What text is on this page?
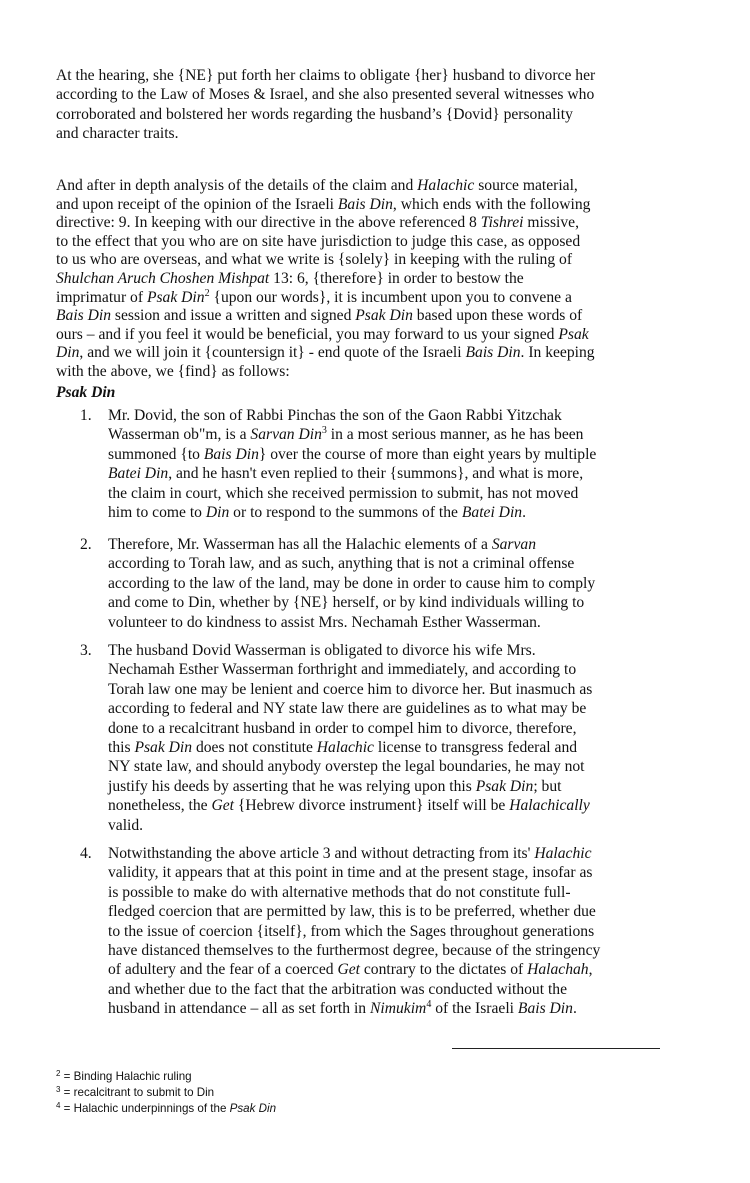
At the hearing, she {NE} put forth her claims to obligate {her} husband to divorce her
according to the Law of Moses & Israel, and she also presented several witnesses who
corroborated and bolstered her words regarding the husband’s {Dovid} personality
and character traits.
And after in depth analysis of the details of the claim and Halachic source material,
and upon receipt of the opinion of the Israeli Bais Din, which ends with the following
directive: 9. In keeping with our directive in the above referenced 8 Tishrei missive,
to the effect that you who are on site have jurisdiction to judge this case, as opposed
to us who are overseas, and what we write is {solely} in keeping with the ruling of
Shulchan Aruch Choshen Mishpat 13: 6, {therefore} in order to bestow the
imprimatur of Psak Din$^2$ {upon our words}, it is incumbent upon you to convene a
Bais Din session and issue a written and signed Psak Din based upon these words of
ours – and if you feel it would be beneficial, you may forward to us your signed Psak
Din, and we will join it {countersign it} - end quote of the Israeli Bais Din. In keeping
with the above, we {find} as follows:
Psak Din
1. Mr. Dovid, the son of Rabbi Pinchas the son of the Gaon Rabbi Yitzchak
Wasserman ob"m, is a Sarvan Din$^3$ in a most serious manner, as he has been
summoned {to Bais Din} over the course of more than eight years by multiple
Batei Din, and he hasn't even replied to their {summons}, and what is more,
the claim in court, which she received permission to submit, has not moved
him to come to Din or to respond to the summons of the Batei Din.
2. Therefore, Mr. Wasserman has all the Halachic elements of a Sarvan
according to Torah law, and as such, anything that is not a criminal offense
according to the law of the land, may be done in order to cause him to comply
and come to Din, whether by {NE} herself, or by kind individuals willing to
volunteer to do kindness to assist Mrs. Nechamah Esther Wasserman.
3. The husband Dovid Wasserman is obligated to divorce his wife Mrs.
Nechamah Esther Wasserman forthright and immediately, and according to
Torah law one may be lenient and coerce him to divorce her. But inasmuch as
according to federal and NY state law there are guidelines as to what may be
done to a recalcitrant husband in order to compel him to divorce, therefore,
this Psak Din does not constitute Halachic license to transgress federal and
NY state law, and should anybody overstep the legal boundaries, he may not
justify his deeds by asserting that he was relying upon this Psak Din; but
nonetheless, the Get {Hebrew divorce instrument} itself will be Halachically
valid.
4. Notwithstanding the above article 3 and without detracting from its' Halachic
validity, it appears that at this point in time and at the present stage, insofar as
is possible to make do with alternative methods that do not constitute full-
fledged coercion that are permitted by law, this is to be preferred, whether due
to the issue of coercion {itself}, from which the Sages throughout generations
have distanced themselves to the furthermost degree, because of the stringency
of adultery and the fear of a coerced Get contrary to the dictates of Halachah,
and whether due to the fact that the arbitration was conducted without the
husband in attendance – all as set forth in Nimukim$^4$ of the Israeli Bais Din.
$^2$ = Binding Halachic ruling
$^3$ = recalcitrant to submit to Din
$^4$ = Halachic underpinnings of the Psak Din
